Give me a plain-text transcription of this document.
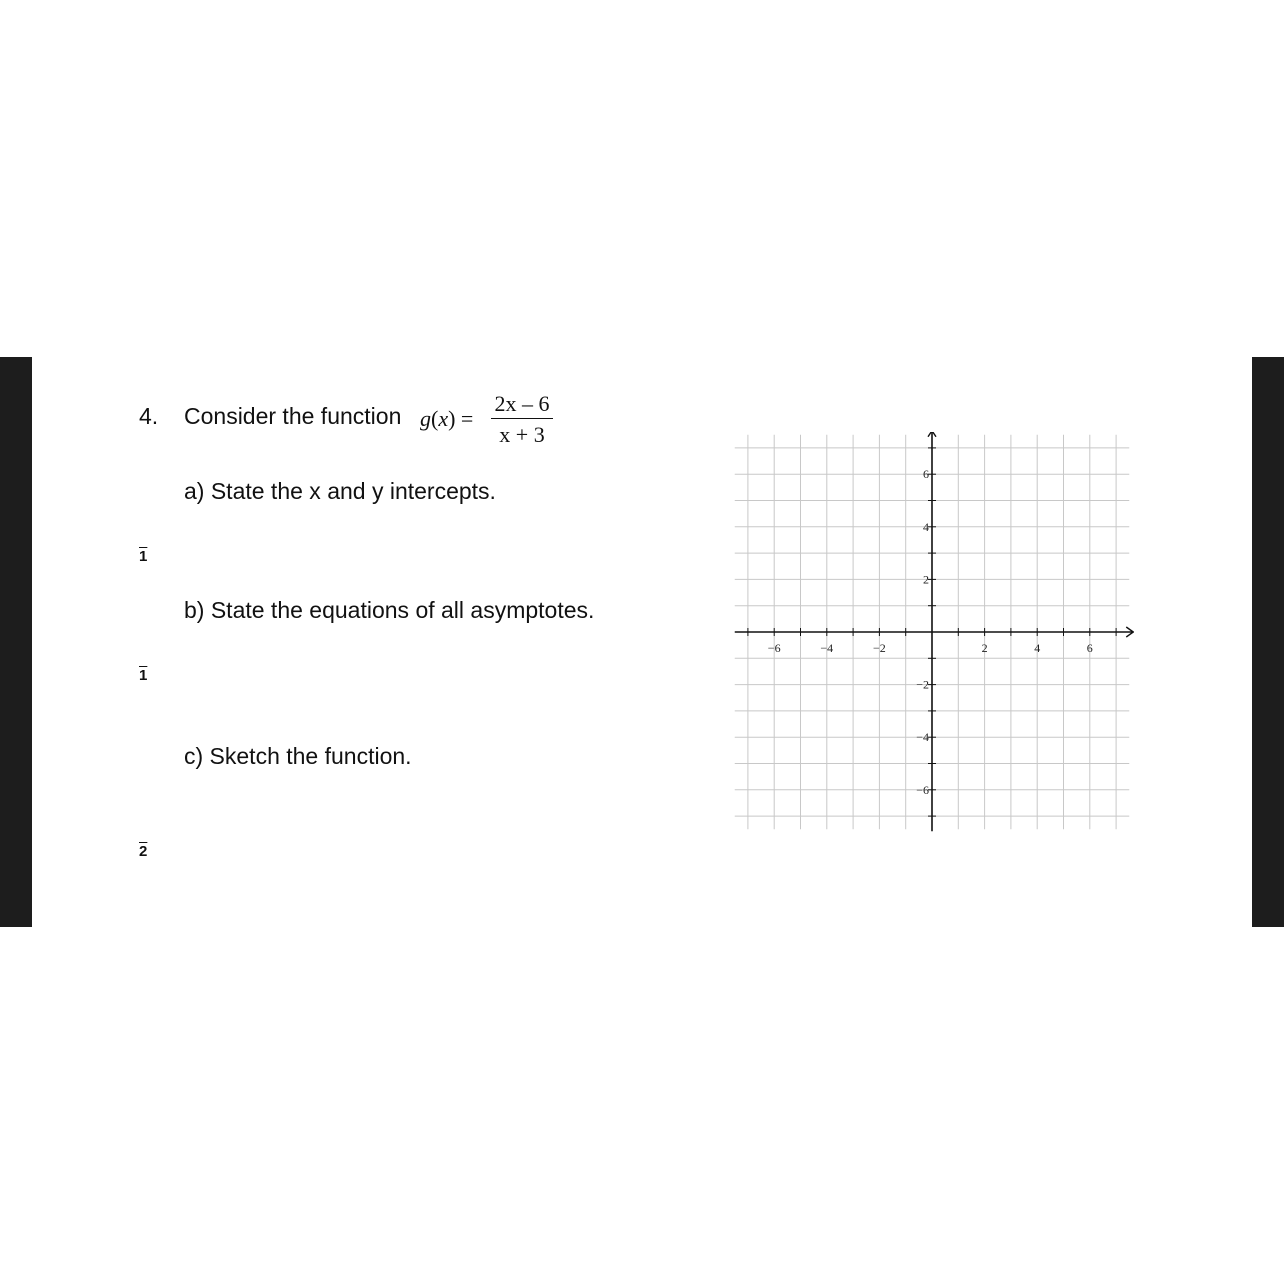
4. Consider the function g(x) =
2x – 6
x + 3
a) State the x and y intercepts.
1
b) State the equations of all asymptotes.
1
c) Sketch the function.
2
−6	−4	−2	2	4	6
6
4
2
−2
−4
−6
